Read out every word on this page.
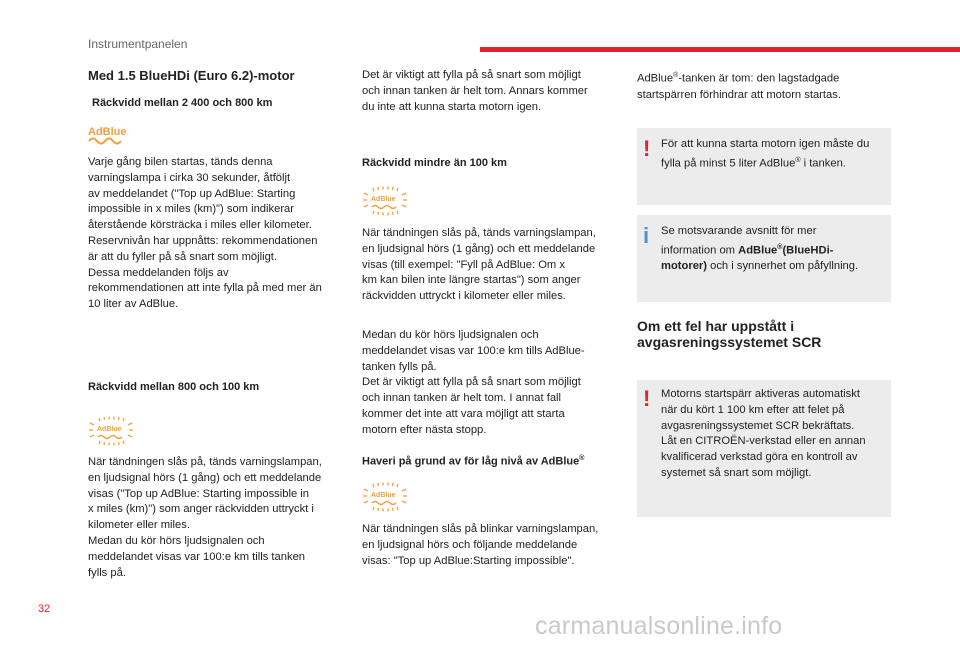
Instrumentpanelen
Med 1.5 BlueHDi (Euro 6.2)-motor
Räckvidd mellan 2 400 och 800 km
AdBlue
Varje gång bilen startas, tänds denna
varningslampa i cirka 30 sekunder, åtföljt
av meddelandet ("Top up AdBlue: Starting
impossible in x miles (km)") som indikerar
återstående körsträcka i miles eller kilometer.
Reservnivån har uppnåtts: rekommendationen
är att du fyller på så snart som möjligt.
Dessa meddelanden följs av
rekommendationen att inte fylla på med mer än
10 liter av AdBlue.
Räckvidd mellan 800 och 100 km
AdBlue
När tändningen slås på, tänds varningslampan,
en ljudsignal hörs (1 gång) och ett meddelande
visas ("Top up AdBlue: Starting impossible in
x miles (km)") som anger räckvidden uttryckt i
kilometer eller miles.
Medan du kör hörs ljudsignalen och
meddelandet visas var 100:e km tills tanken
fylls på.
Det är viktigt att fylla på så snart som möjligt
och innan tanken är helt tom. Annars kommer
du inte att kunna starta motorn igen.
Räckvidd mindre än 100 km
AdBlue
När tändningen slås på, tänds varningslampan,
en ljudsignal hörs (1 gång) och ett meddelande
visas (till exempel: "Fyll på AdBlue: Om x
km kan bilen inte längre startas") som anger
räckvidden uttryckt i kilometer eller miles.
Medan du kör hörs ljudsignalen och
meddelandet visas var 100:e km tills AdBlue-
tanken fylls på.
Det är viktigt att fylla på så snart som möjligt
och innan tanken är helt tom. I annat fall
kommer det inte att vara möjligt att starta
motorn efter nästa stopp.
Haveri på grund av för låg nivå av AdBlue®
AdBlue
När tändningen slås på blinkar varningslampan,
en ljudsignal hörs och följande meddelande
visas: "Top up AdBlue:Starting impossible".
AdBlue®-tanken är tom: den lagstadgade
startspärren förhindrar att motorn startas.
! För att kunna starta motorn igen måste du
fylla på minst 5 liter AdBlue® i tanken.
i Se motsvarande avsnitt för mer
information om AdBlue®(BlueHDi-
motorer) och i synnerhet om påfyllning.
Om ett fel har uppstått i
avgasreningssystemet SCR
! Motorns startspärr aktiveras automatiskt
när du kört 1 100 km efter att felet på
avgasreningssystemet SCR bekräftats.
Låt en CITROËN-verkstad eller en annan
kvalificerad verkstad göra en kontroll av
systemet så snart som möjligt.
32
carmanualsonline.info
